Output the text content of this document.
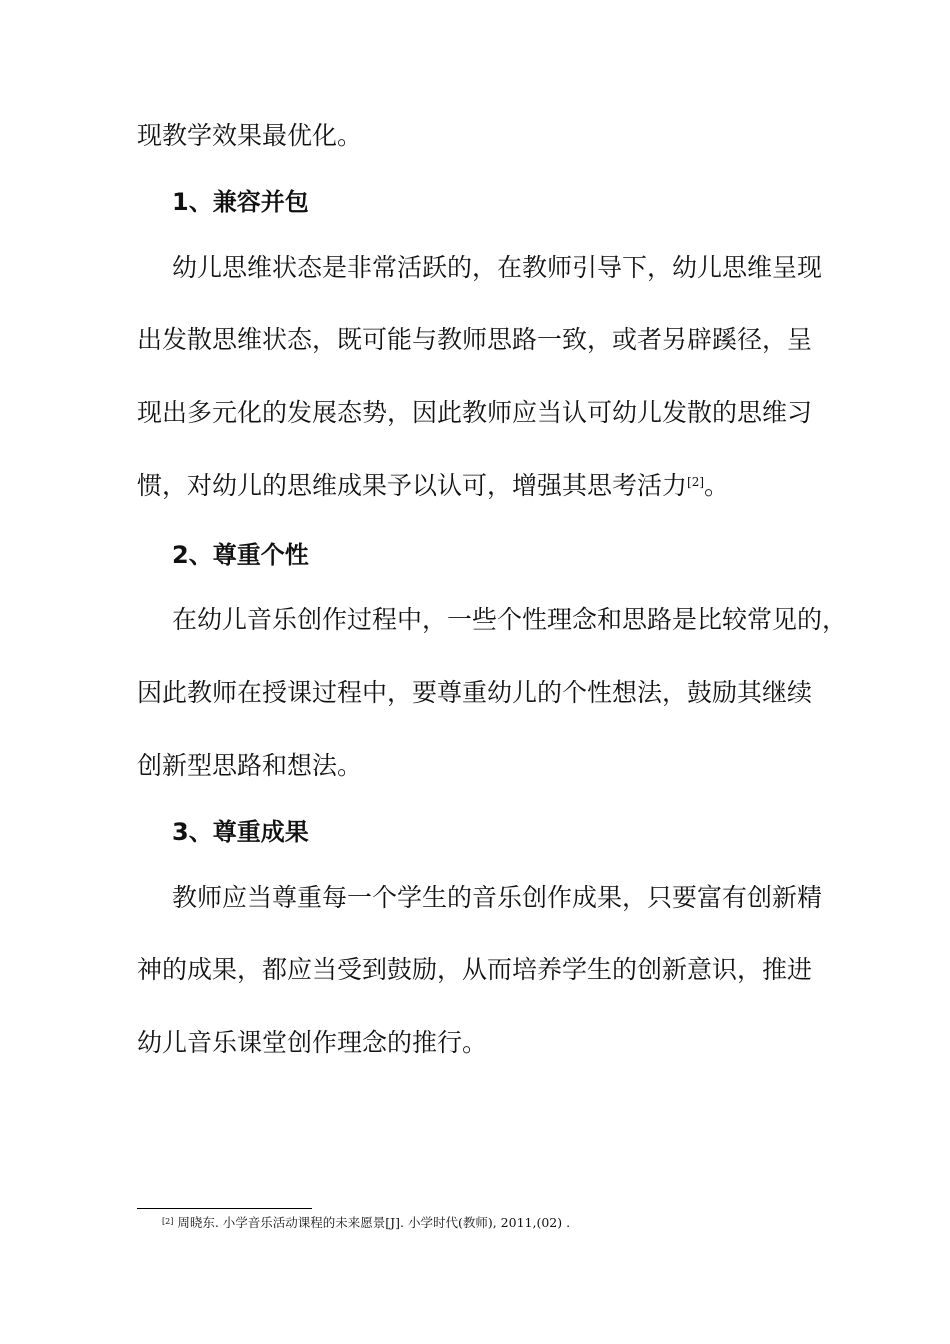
现教学效果最优化。
1、兼容并包
幼儿思维状态是非常活跃的，在教师引导下，幼儿思维呈现
出发散思维状态，既可能与教师思路一致，或者另辟蹊径，呈
现出多元化的发展态势，因此教师应当认可幼儿发散的思维习
惯，对幼儿的思维成果予以认可，增强其思考活力[2]。
2、尊重个性
在幼儿音乐创作过程中，一些个性理念和思路是比较常见的，
因此教师在授课过程中，要尊重幼儿的个性想法，鼓励其继续
创新型思路和想法。
3、尊重成果
教师应当尊重每一个学生的音乐创作成果，只要富有创新精
神的成果，都应当受到鼓励，从而培养学生的创新意识，推进
幼儿音乐课堂创作理念的推行。
[2] 周晓东. 小学音乐活动课程的未来愿景[J]. 小学时代(教师), 2011,(02) .
